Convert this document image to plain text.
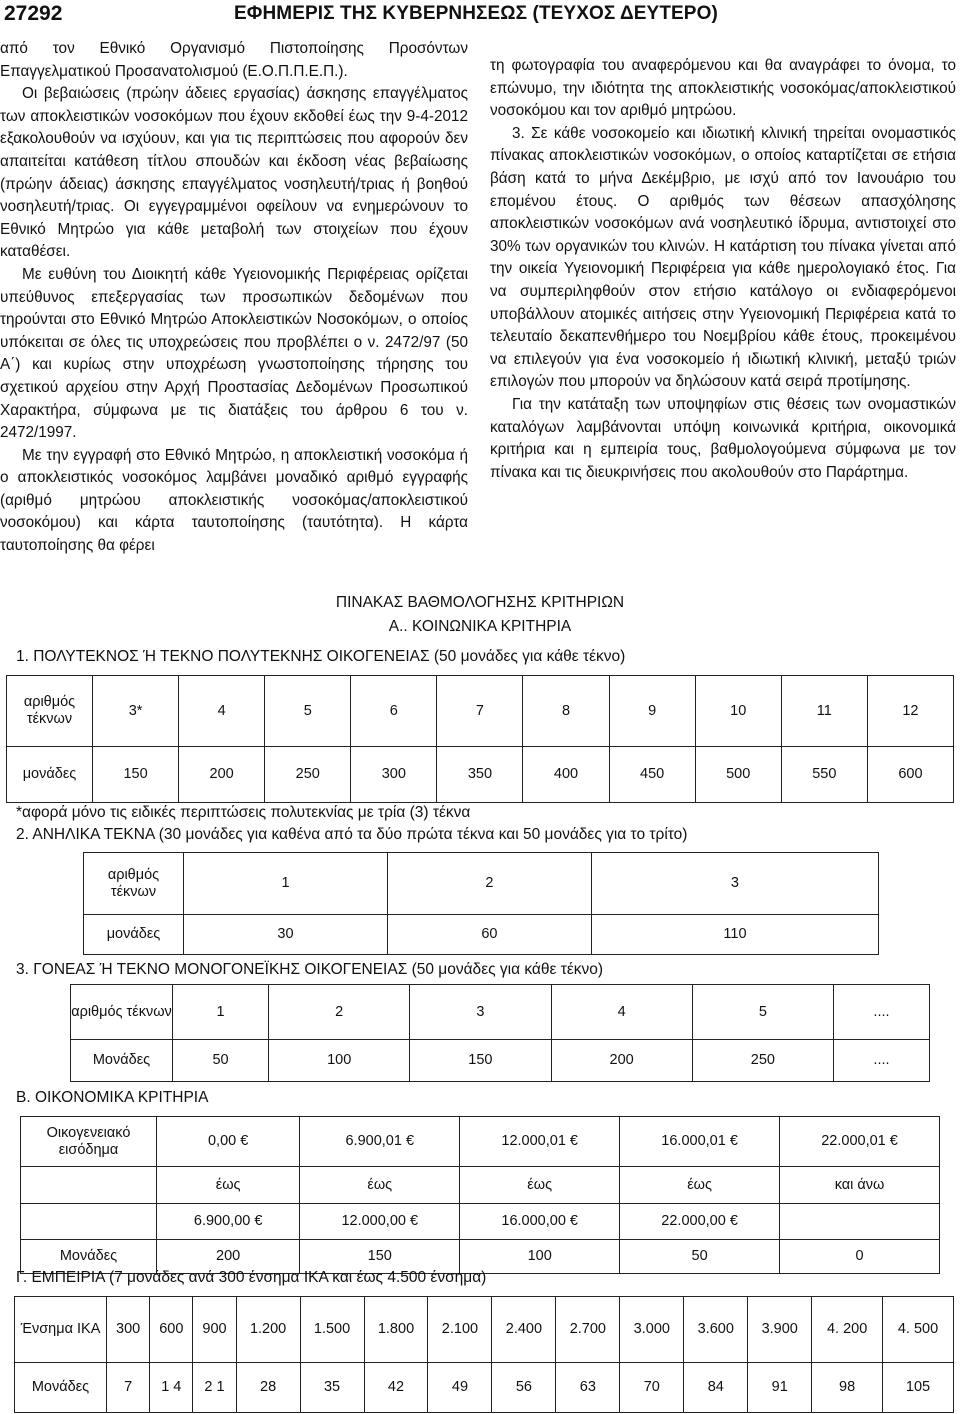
27292	ΕΦΗΜΕΡΙΣ ΤΗΣ ΚΥΒΕΡΝΗΣΕΩΣ (ΤΕΥΧΟΣ ΔΕΥΤΕΡΟ)

από τον Εθνικό Οργανισμό Πιστοποίησης Προσόντων Επαγγελματικού Προσανατολισμού (Ε.Ο.Π.Π.Ε.Π.).

Οι βεβαιώσεις (πρώην άδειες εργασίας) άσκησης επαγγέλματος των αποκλειστικών νοσοκόμων που έχουν εκδοθεί έως την 9-4-2012 εξακολουθούν να ισχύουν, και για τις περιπτώσεις που αφορούν δεν απαιτείται κατάθεση τίτλου σπουδών και έκδοση νέας βεβαίωσης (πρώην άδειας) άσκησης επαγγέλματος νοσηλευτή/τριας ή βοηθού νοσηλευτή/τριας. Οι εγγεγραμμένοι οφείλουν να ενημερώνουν το Εθνικό Μητρώο για κάθε μεταβολή των στοιχείων που έχουν καταθέσει.

Με ευθύνη του Διοικητή κάθε Υγειονομικής Περιφέρειας ορίζεται υπεύθυνος επεξεργασίας των προσωπικών δεδομένων που τηρούνται στο Εθνικό Μητρώο Αποκλειστικών Νοσοκόμων, ο οποίος υπόκειται σε όλες τις υποχρεώσεις που προβλέπει ο ν. 2472/97 (50 Α΄) και κυρίως στην υποχρέωση γνωστοποίησης τήρησης του σχετικού αρχείου στην Αρχή Προστασίας Δεδομένων Προσωπικού Χαρακτήρα, σύμφωνα με τις διατάξεις του άρθρου 6 του ν. 2472/1997.

Με την εγγραφή στο Εθνικό Μητρώο, η αποκλειστική νοσοκόμα ή ο αποκλειστικός νοσοκόμος λαμβάνει μοναδικό αριθμό εγγραφής (αριθμό μητρώου αποκλειστικής νοσοκόμας/αποκλειστικού νοσοκόμου) και κάρτα ταυτοποίησης (ταυτότητα). Η κάρτα ταυτοποίησης θα φέρει

τη φωτογραφία του αναφερόμενου και θα αναγράφει το όνομα, το επώνυμο, την ιδιότητα της αποκλειστικής νοσοκόμας/αποκλειστικού νοσοκόμου και τον αριθμό μητρώου.

3. Σε κάθε νοσοκομείο και ιδιωτική κλινική τηρείται ονομαστικός πίνακας αποκλειστικών νοσοκόμων, ο οποίος καταρτίζεται σε ετήσια βάση κατά το μήνα Δεκέμβριο, με ισχύ από τον Ιανουάριο του επομένου έτους. Ο αριθμός των θέσεων απασχόλησης αποκλειστικών νοσοκόμων ανά νοσηλευτικό ίδρυμα, αντιστοιχεί στο 30% των οργανικών του κλινών. Η κατάρτιση του πίνακα γίνεται από την οικεία Υγειονομική Περιφέρεια για κάθε ημερολογιακό έτος. Για να συμπεριληφθούν στον ετήσιο κατάλογο οι ενδιαφερόμενοι υποβάλλουν ατομικές αιτήσεις στην Υγειονομική Περιφέρεια κατά το τελευταίο δεκαπενθήμερο του Νοεμβρίου κάθε έτους, προκειμένου να επιλεγούν για ένα νοσοκομείο ή ιδιωτική κλινική, μεταξύ τριών επιλογών που μπορούν να δηλώσουν κατά σειρά προτίμησης.

Για την κατάταξη των υποψηφίων στις θέσεις των ονομαστικών καταλόγων λαμβάνονται υπόψη κοινωνικά κριτήρια, οικονομικά κριτήρια και η εμπειρία τους, βαθμολογούμενα σύμφωνα με τον πίνακα και τις διευκρινήσεις που ακολουθούν στο Παράρτημα.

ΠΙΝΑΚΑΣ ΒΑΘΜΟΛΟΓΗΣΗΣ ΚΡΙΤΗΡΙΩΝ
Α.. ΚΟΙΝΩΝΙΚΑ ΚΡΙΤΗΡΙΑ
1. ΠΟΛΥΤΕΚΝΟΣ Ή ΤΕΚΝΟ ΠΟΛΥΤΕΚΝΗΣ ΟΙΚΟΓΕΝΕΙΑΣ (50 μονάδες για κάθε τέκνο)
αριθμός τέκνων	3*	4	5	6	7	8	9	10	11	12
μονάδες	150	200	250	300	350	400	450	500	550	600
*αφορά μόνο τις ειδικές περιπτώσεις πολυτεκνίας με τρία (3) τέκνα
2. ΑΝΗΛΙΚΑ ΤΕΚΝΑ (30 μονάδες για καθένα από τα δύο πρώτα τέκνα και 50 μονάδες για το τρίτο)
αριθμός τέκνων	1	2	3
μονάδες	30	60	110
3. ΓΟΝΕΑΣ Ή ΤΕΚΝΟ ΜΟΝΟΓΟΝΕΪΚΗΣ ΟΙΚΟΓΕΝΕΙΑΣ (50 μονάδες για κάθε τέκνο)
αριθμός τέκνων	1	2	3	4	5	....
Μονάδες	50	100	150	200	250	....
Β. ΟΙΚΟΝΟΜΙΚΑ ΚΡΙΤΗΡΙΑ
Οικογενειακό εισόδημα	0,00 €	6.900,01 €	12.000,01 €	16.000,01 €	22.000,01 €
	έως	έως	έως	έως	και άνω
	6.900,00 €	12.000,00 €	16.000,00 €	22.000,00 €	
Μονάδες	200	150	100	50	0
Γ. ΕΜΠΕΙΡΙΑ (7 μονάδες ανά 300 ένσημα ΙΚΑ και έως 4.500 ένσημα)
Ένσημα ΙΚΑ	300	600	900	1.200	1.500	1.800	2.100	2.400	2.700	3.000	3.600	3.900	4. 200	4. 500
Μονάδες	7	1 4	2 1	28	35	42	49	56	63	70	84	91	98	105
